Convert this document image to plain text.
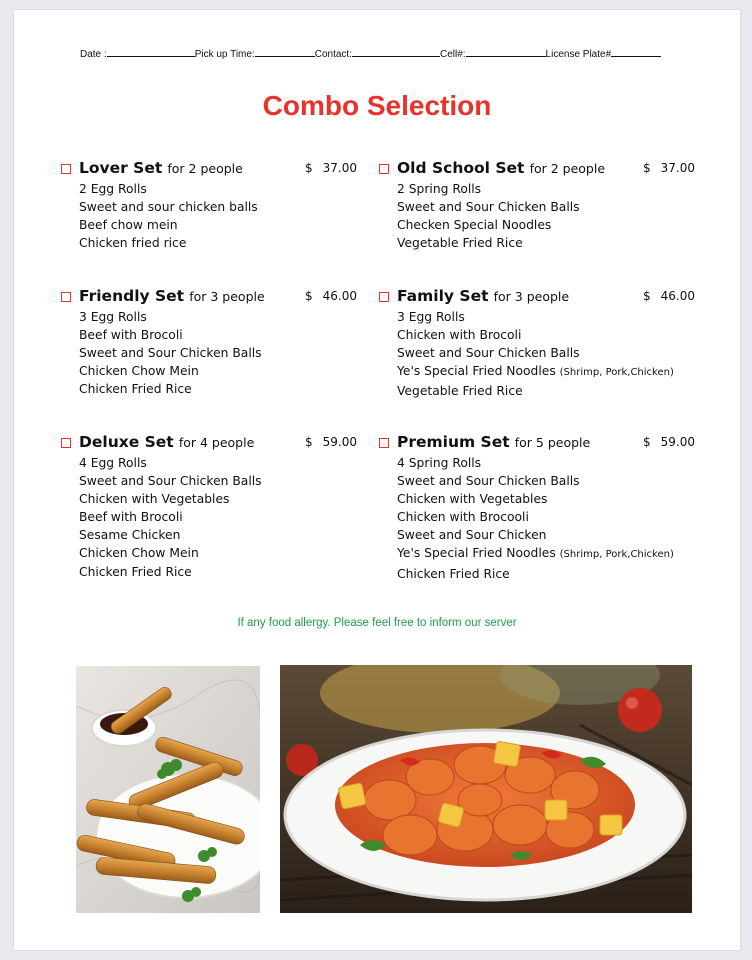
Date :	Pick up Time:	Contact:	Cell#:	License Plate#
Combo Selection
Lover Set for 2 people	$ 37.00
2 Egg Rolls
Sweet and sour chicken balls
Beef chow mein
Chicken fried rice
Old School Set for 2 people	$ 37.00
2 Spring Rolls
Sweet and Sour Chicken Balls
Checken Special Noodles
Vegetable Fried Rice
Friendly Set for 3 people	$ 46.00
3 Egg Rolls
Beef with Brocoli
Sweet and Sour Chicken Balls
Chicken Chow Mein
Chicken Fried Rice
Family Set for 3 people	$ 46.00
3 Egg Rolls
Chicken with Brocoli
Sweet and Sour Chicken Balls
Ye's Special Fried Noodles (Shrimp, Pork,Chicken)
Vegetable Fried Rice
Deluxe Set for 4 people	$ 59.00
4 Egg Rolls
Sweet and Sour Chicken Balls
Chicken with Vegetables
Beef with Brocoli
Sesame Chicken
Chicken Chow Mein
Chicken Fried Rice
Premium Set for 5 people	$ 59.00
4 Spring Rolls
Sweet and Sour Chicken Balls
Chicken with Vegetables
Chicken with Brocooli
Sweet and Sour Chicken
Ye's Special Fried Noodles (Shrimp, Pork,Chicken)
Chicken Fried Rice
If any food allergy. Please feel free to inform our server
